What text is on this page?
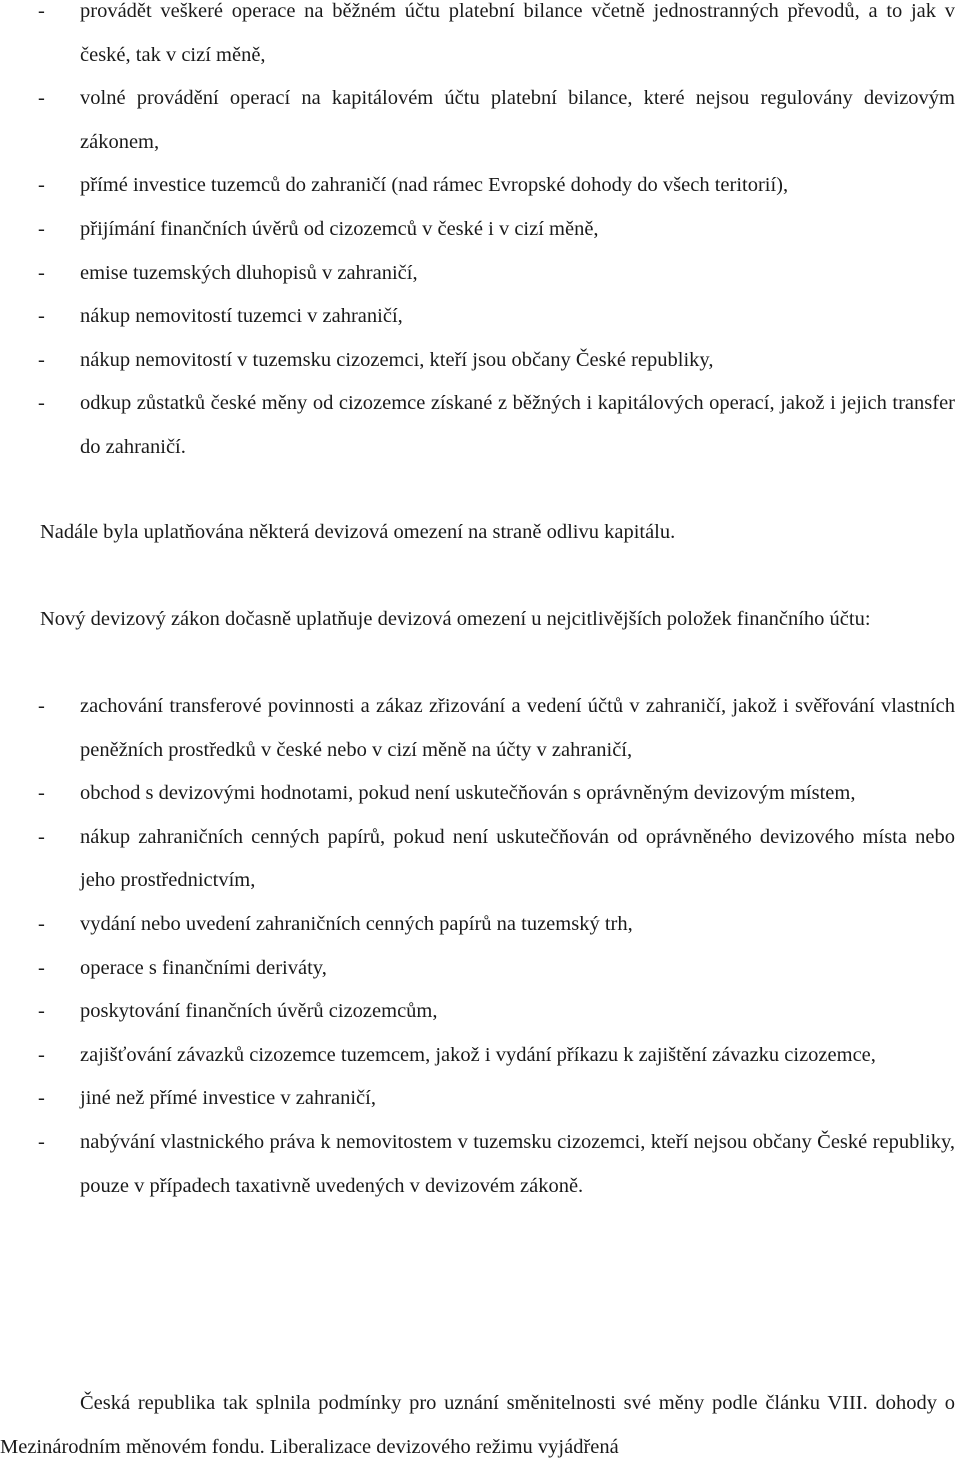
- provádět veškeré operace na běžném účtu platební bilance včetně jednostranných převodů, a to jak v české, tak v cizí měně,
- volné provádění operací na kapitálovém účtu platební bilance, které nejsou regulovány devizovým zákonem,
- přímé investice tuzemců do zahraničí (nad rámec Evropské dohody do všech teritorií),
- přijímání finančních úvěrů od cizozemců v české i v cizí měně,
- emise tuzemských dluhopisů v zahraničí,
- nákup nemovitostí tuzemci v zahraničí,
- nákup nemovitostí v tuzemsku cizozemci, kteří jsou občany České republiky,
- odkup zůstatků české měny od cizozemce získané z běžných i kapitálových operací, jakož i jejich transfer do zahraničí.

Nadále byla uplatňována některá devizová omezení na straně odlivu kapitálu.

Nový devizový zákon dočasně uplatňuje devizová omezení u nejcitlivějších položek finančního účtu:

- zachování transferové povinnosti a zákaz zřizování a vedení účtů v zahraničí, jakož i svěřování vlastních peněžních prostředků v české nebo v cizí měně na účty v zahraničí,
- obchod s devizovými hodnotami, pokud není uskutečňován s oprávněným devizovým místem,
- nákup zahraničních cenných papírů, pokud není uskutečňován od oprávněného devizového místa nebo jeho prostřednictvím,
- vydání nebo uvedení zahraničních cenných papírů na tuzemský trh,
- operace s finančními deriváty,
- poskytování finančních úvěrů cizozemcům,
- zajišťování závazků cizozemce tuzemcem, jakož i vydání příkazu k zajištění závazku cizozemce,
- jiné než přímé investice v zahraničí,
- nabývání vlastnického práva k nemovitostem v tuzemsku cizozemci, kteří nejsou občany České republiky, pouze v případech taxativně uvedených v devizovém zákoně.

Česká republika tak splnila podmínky pro uznání směnitelnosti své měny podle článku VIII. dohody o Mezinárodním měnovém fondu. Liberalizace devizového režimu vyjádřená
